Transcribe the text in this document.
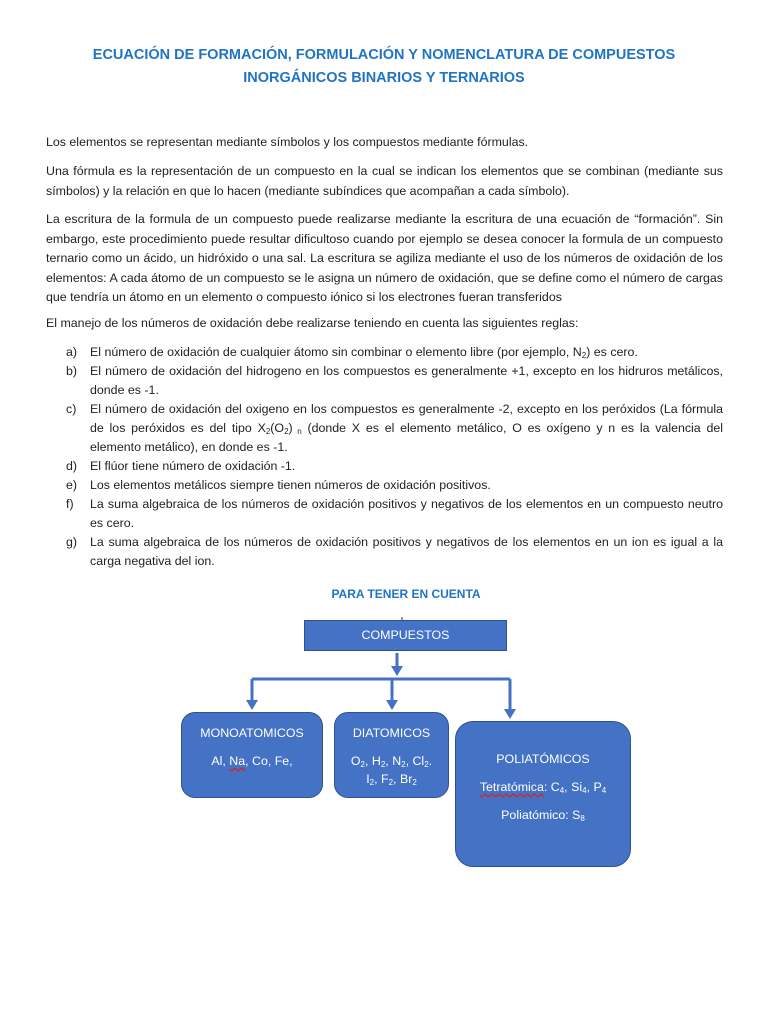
ECUACIÓN DE FORMACIÓN, FORMULACIÓN Y NOMENCLATURA DE COMPUESTOS
INORGÁNICOS BINARIOS Y TERNARIOS

Los elementos se representan mediante símbolos y los compuestos mediante fórmulas.

Una fórmula es la representación de un compuesto en la cual se indican los elementos que se combinan (mediante sus símbolos) y la relación en que lo hacen (mediante subíndices que acompañan a cada símbolo).

La escritura de la formula de un compuesto puede realizarse mediante la escritura de una ecuación de “formación”. Sin embargo, este procedimiento puede resultar dificultoso cuando por ejemplo se desea conocer la formula de un compuesto ternario como un ácido, un hidróxido o una sal. La escritura se agiliza mediante el uso de los números de oxidación de los elementos: A cada átomo de un compuesto se le asigna un número de oxidación, que se define como el número de cargas que tendría un átomo en un elemento o compuesto iónico si los electrones fueran transferidos

El manejo de los números de oxidación debe realizarse teniendo en cuenta las siguientes reglas:

a) El número de oxidación de cualquier átomo sin combinar o elemento libre (por ejemplo, $N_2$) es cero.
b) El número de oxidación del hidrogeno en los compuestos es generalmente +1, excepto en los hidruros metálicos, donde es -1.
c) El número de oxidación del oxigeno en los compuestos es generalmente -2, excepto en los peróxidos (La fórmula de los peróxidos es del tipo $X_2(O_2)$ $_n$ (donde X es el elemento metálico, O es oxígeno y n es la valencia del elemento metálico), en donde es -1.
d) El flúor tiene número de oxidación -1.
e) Los elementos metálicos siempre tienen números de oxidación positivos.
f) La suma algebraica de los números de oxidación positivos y negativos de los elementos en un compuesto neutro es cero.
g) La suma algebraica de los números de oxidación positivos y negativos de los elementos en un ion es igual a la carga negativa del ion.
PARA TENER EN CUENTA
COMPUESTOS
MONOATOMICOS
Al, Na, Co, Fe,
DIATOMICOS
$O_2$, $H_2$, $N_2$, $Cl_2$.
$I_2$, $F_2$, $Br_2$
POLIATÓMICOS
Tetratómica: $C_4$, $Si_4$, $P_4$
Poliatómico: $S_8$
